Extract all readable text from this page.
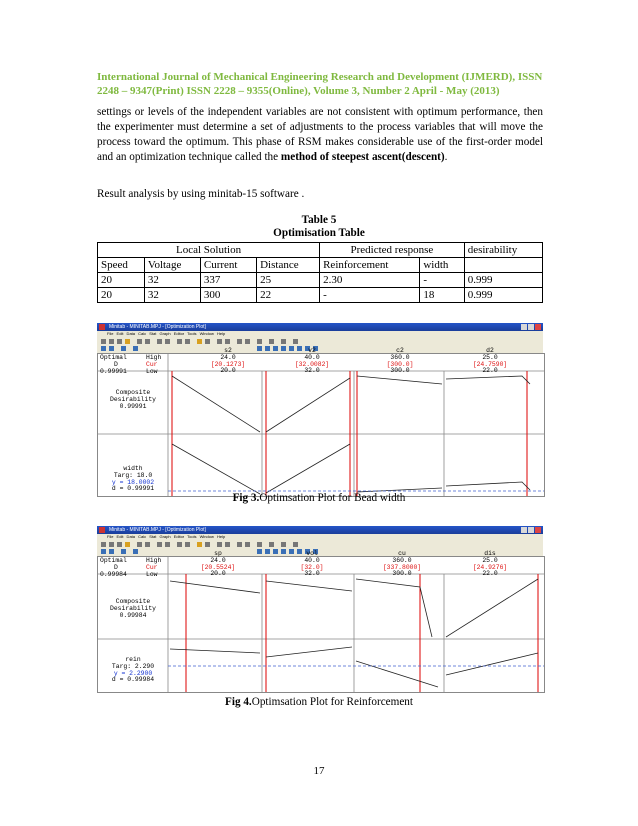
International Journal of Mechanical Engineering Research and Development (IJMERD), ISSN
2248 – 9347(Print) ISSN 2228 – 9355(Online), Volume 3, Number 2 April - May (2013)
settings or levels of the independent variables are not consistent with optimum performance, then the experimenter must determine a set of adjustments to the process variables that will move the process toward the optimum. This phase of RSM makes considerable use of the first-order model and an optimization technique called the method of steepest ascent(descent).
Result analysis by using minitab-15 software .
Table 5
Optimisation Table
Local Solution				Predicted response		desirability
Speed	Voltage	Current	Distance	Reinforcement	width	
20	32	337	25	2.30	-	0.999
20	32	300	22	-	18	0.999
Minitab - MINITAB.MPJ - [Optimization Plot]
File Edit Data Calc Stat Graph Editor Tools Window Help
Optimal
D
0.99991
High
Cur
Low
s2
24.0
[20.1273]
20.0
v2
40.0
[32.0082]
32.0
c2
360.0
[300.0]
300.0
d2
25.0
[24.7590]
22.0
Composite
Desirability
0.99991
width
Targ: 18.0
y = 18.0002
d = 0.99991
Fig 3.Optimsation Plot for Bead width
Minitab - MINITAB.MPJ - [Optimization Plot]
File Edit Data Calc Stat Graph Editor Tools Window Help
Optimal
D
0.99984
High
Cur
Low
sp
24.0
[20.5524]
20.0
vol
40.0
[32.0]
32.0
cu
360.0
[337.8000]
300.0
dis
25.0
[24.9276]
22.0
Composite
Desirability
0.99984
rein
Targ: 2.290
y = 2.2900
d = 0.99984
Fig 4.Optimsation Plot for Reinforcement
17
